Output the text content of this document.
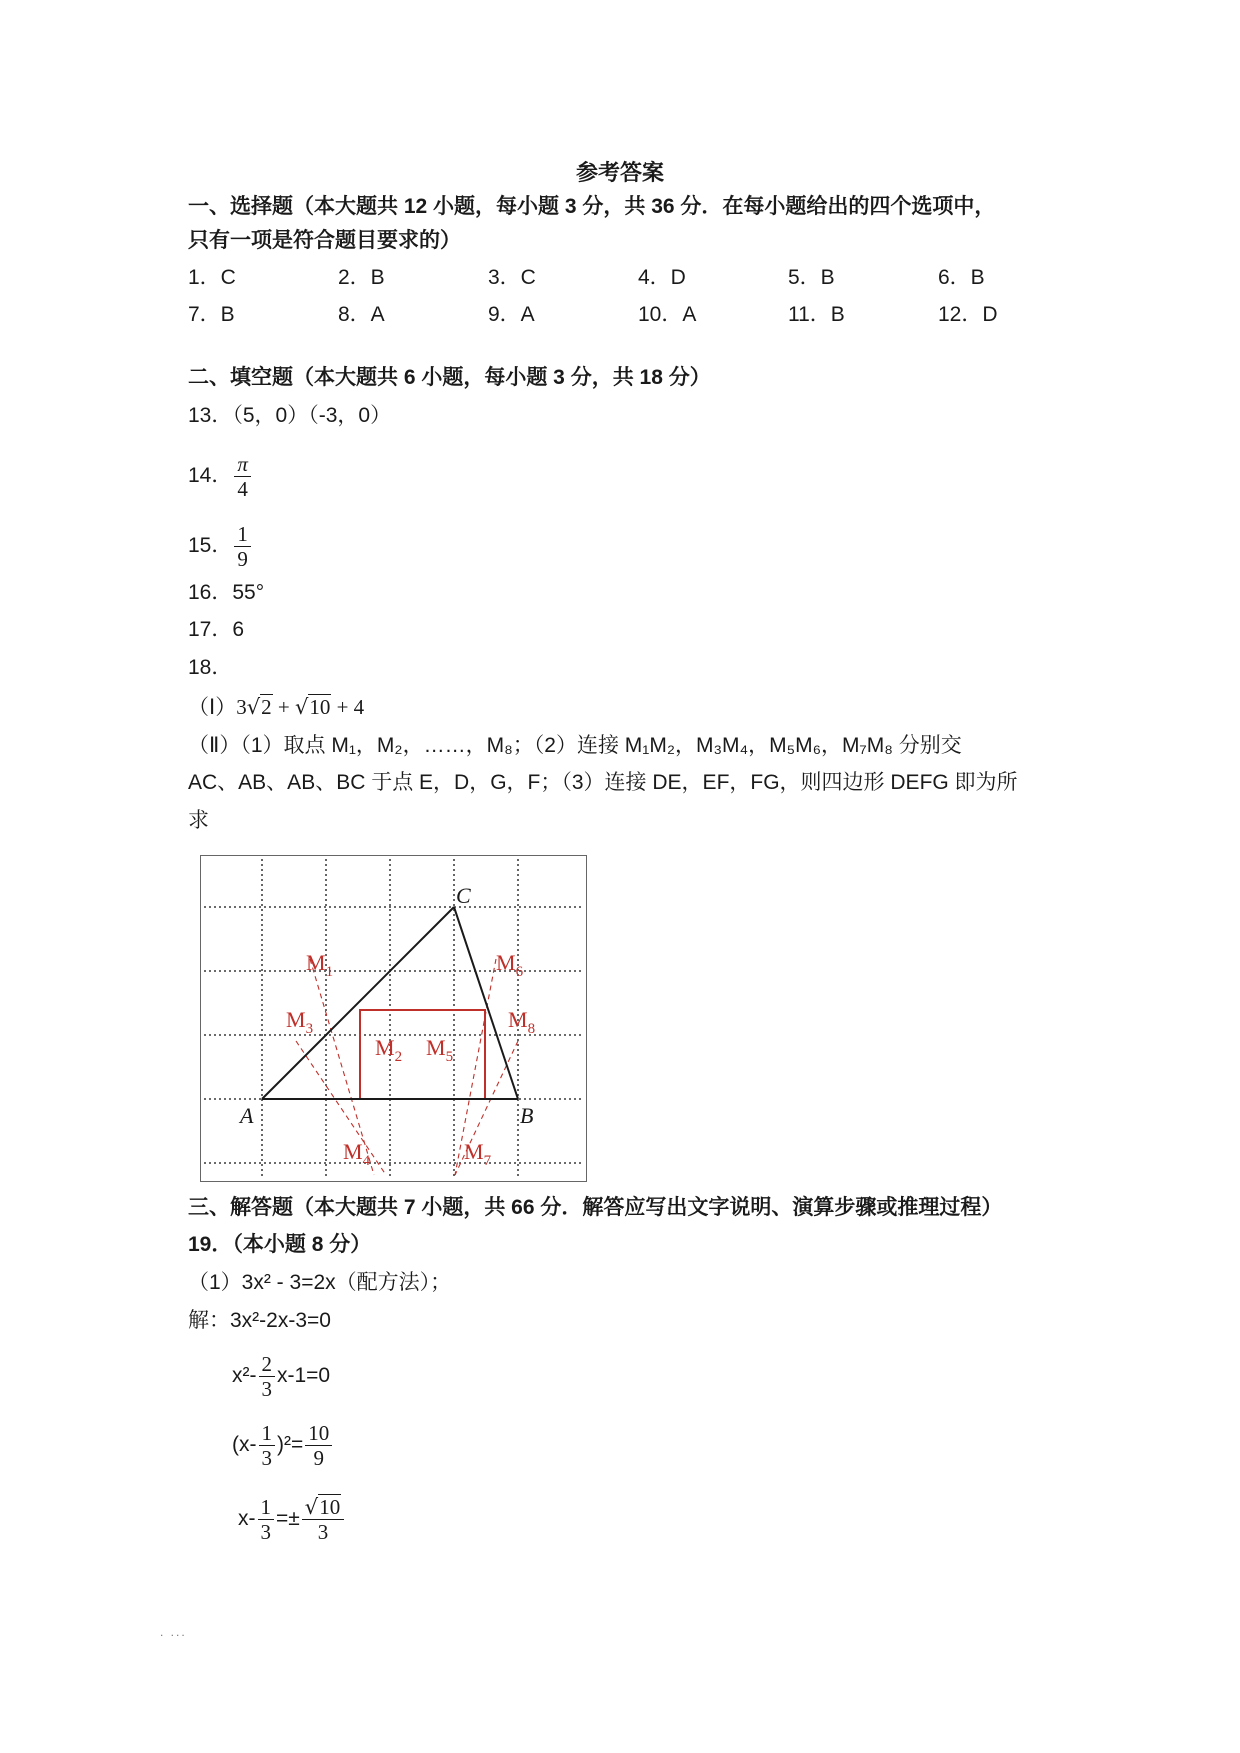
参考答案
一、选择题（本大题共 12 小题，每小题 3 分，共 36 分．在每小题给出的四个选项中，
只有一项是符合题目要求的）
1．C	2．B	3．C	4．D	5．B	6．B
7．B	8．A	9．A	10．A	11．B	12．D
二、填空题（本大题共 6 小题，每小题 3 分，共 18 分）
13．（5，0）（-3，0）
14． $\frac{\pi}{4}$
15． $\frac{1}{9}$
16．55°
17．6
18．
（Ⅰ）3√2 + √10 + 4
（Ⅱ）（1）取点 M₁，M₂，……，M₈；（2）连接 M₁M₂，M₃M₄，M₅M₆，M₇M₈ 分别交
AC、AB、AB、BC 于点 E，D，G，F；（3）连接 DE，EF，FG，则四边形 DEFG 即为所
求
A	B
C
$M_1$
$M_2$
$M_3$
$M_4$
$M_5$
$M_6$
$M_7$
$M_8$
三、解答题（本大题共 7 小题，共 66 分．解答应写出文字说明、演算步骤或推理过程）
19．（本小题 8 分）
（1）3x² - 3=2x（配方法）；
解：3x²-2x-3=0
$x^2- \frac{2}{3} x-1=0$
$(x- \frac{1}{3} )^2= \frac{10}{9}$
$x- \frac{1}{3} =\pm \frac{√10}{3}$
. ...
